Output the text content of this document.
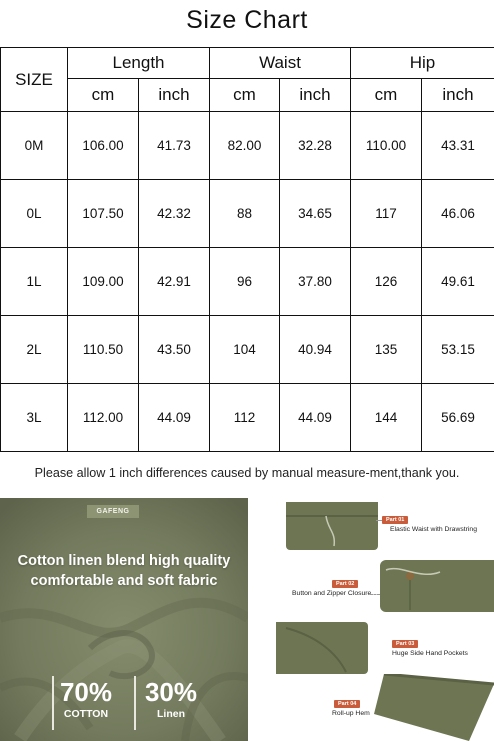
Size Chart
SIZE	Length		Waist		Hip	
	cm	inch	cm	inch	cm	inch
0M	106.00	41.73	82.00	32.28	110.00	43.31
0L	107.50	42.32	88	34.65	117	46.06
1L	109.00	42.91	96	37.80	126	49.61
2L	110.50	43.50	104	40.94	135	53.15
3L	112.00	44.09	112	44.09	144	56.69
Please allow 1 inch differences caused by manual measure-ment,thank you.
GAFENG
Cotton linen blend high quality
comfortable and soft fabric
70%
COTTON
30%
Linen
Part 01
Elastic Waist with Drawstring
Part 02
Button and Zipper Closure
Part 03
Huge Side Hand Pockets
Part 04
Roll-up Hem
